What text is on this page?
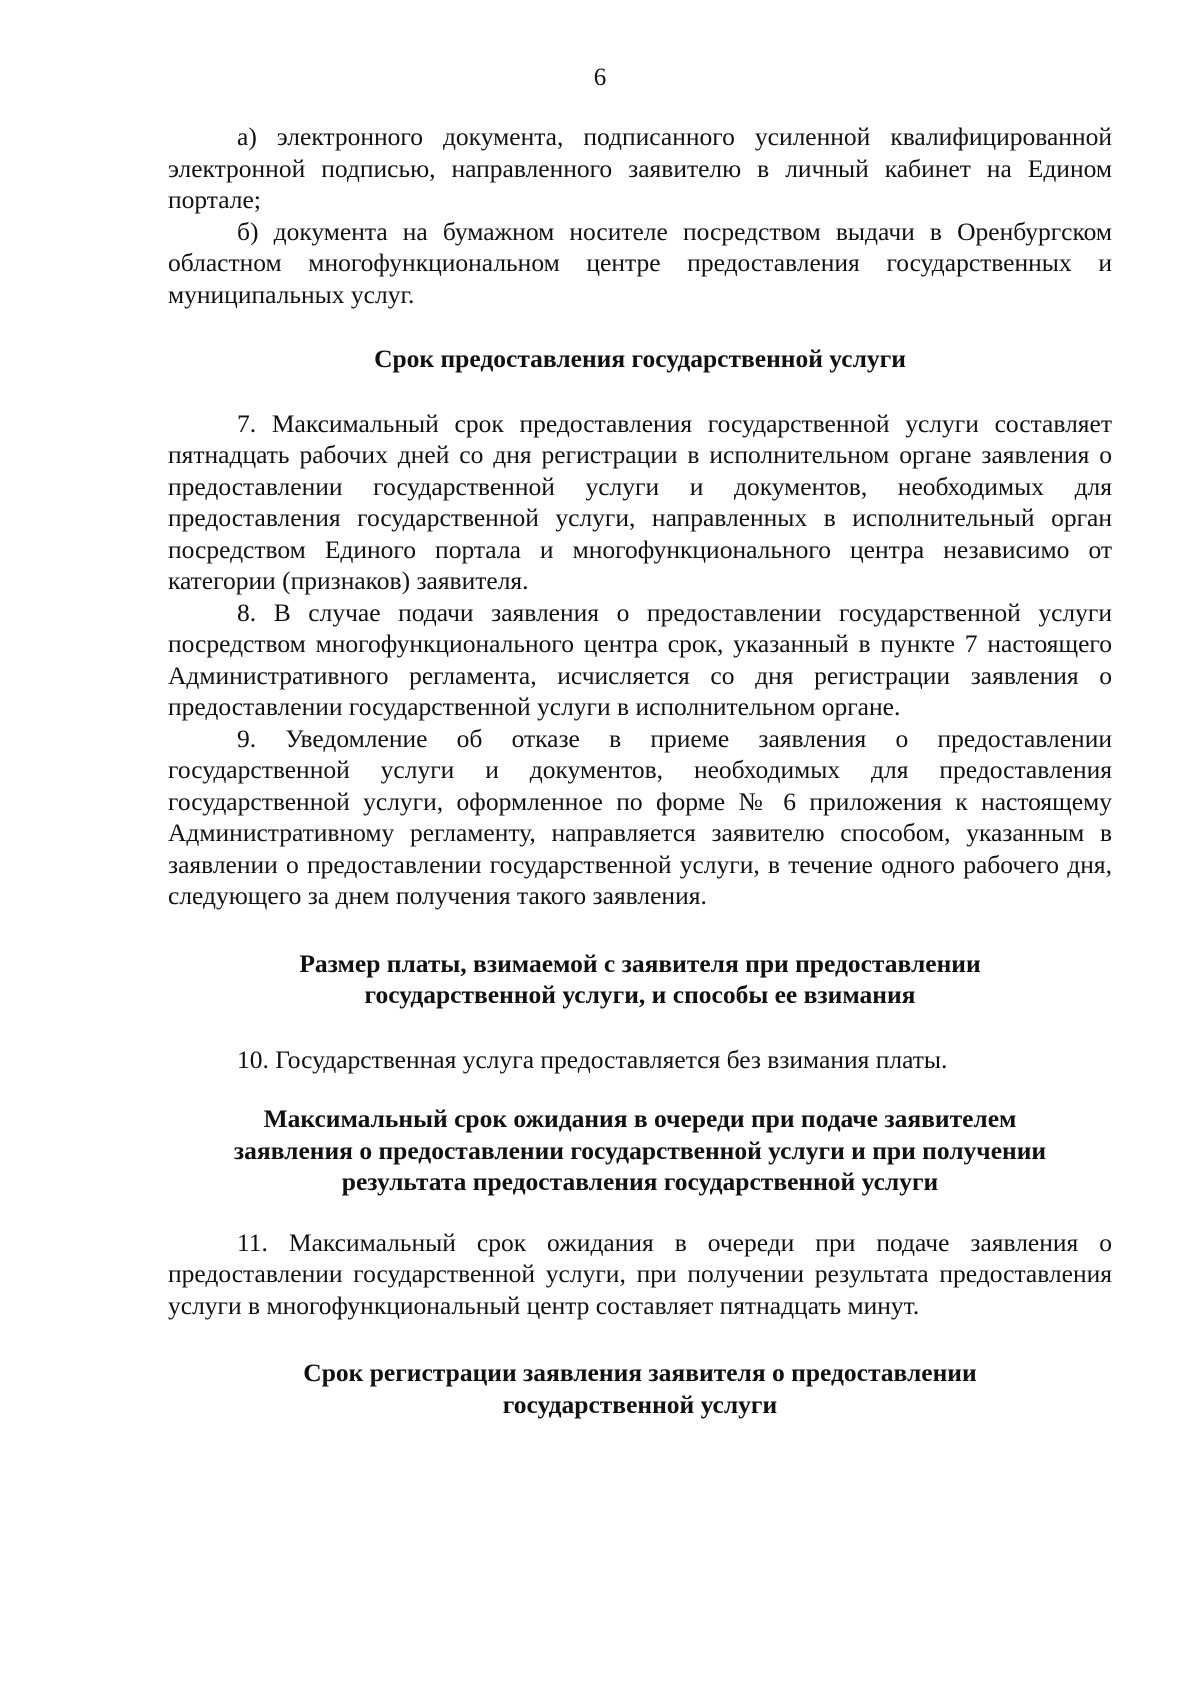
6

а) электронного документа, подписанного усиленной квалифицированной электронной подписью, направленного заявителю в личный кабинет на Едином портале;

б) документа на бумажном носителе посредством выдачи в Оренбургском областном многофункциональном центре предоставления государственных и муниципальных услуг.

Срок предоставления государственной услуги

7. Максимальный срок предоставления государственной услуги составляет пятнадцать рабочих дней со дня регистрации в исполнительном органе заявления о предоставлении государственной услуги и документов, необходимых для предоставления государственной услуги, направленных в исполнительный орган посредством Единого портала и многофункционального центра независимо от категории (признаков) заявителя.

8. В случае подачи заявления о предоставлении государственной услуги посредством многофункционального центра срок, указанный в пункте 7 настоящего Административного регламента, исчисляется со дня регистрации заявления о предоставлении государственной услуги в исполнительном органе.

9. Уведомление об отказе в приеме заявления о предоставлении государственной услуги и документов, необходимых для предоставления государственной услуги, оформленное по форме № 6 приложения к настоящему Административному регламенту, направляется заявителю способом, указанным в заявлении о предоставлении государственной услуги, в течение одного рабочего дня, следующего за днем получения такого заявления.

Размер платы, взимаемой с заявителя при предоставлении
государственной услуги, и способы ее взимания

10. Государственная услуга предоставляется без взимания платы.

Максимальный срок ожидания в очереди при подаче заявителем
заявления о предоставлении государственной услуги и при получении
результата предоставления государственной услуги

11. Максимальный срок ожидания в очереди при подаче заявления о предоставлении государственной услуги, при получении результата предоставления услуги в многофункциональный центр составляет пятнадцать минут.

Срок регистрации заявления заявителя о предоставлении
государственной услуги
